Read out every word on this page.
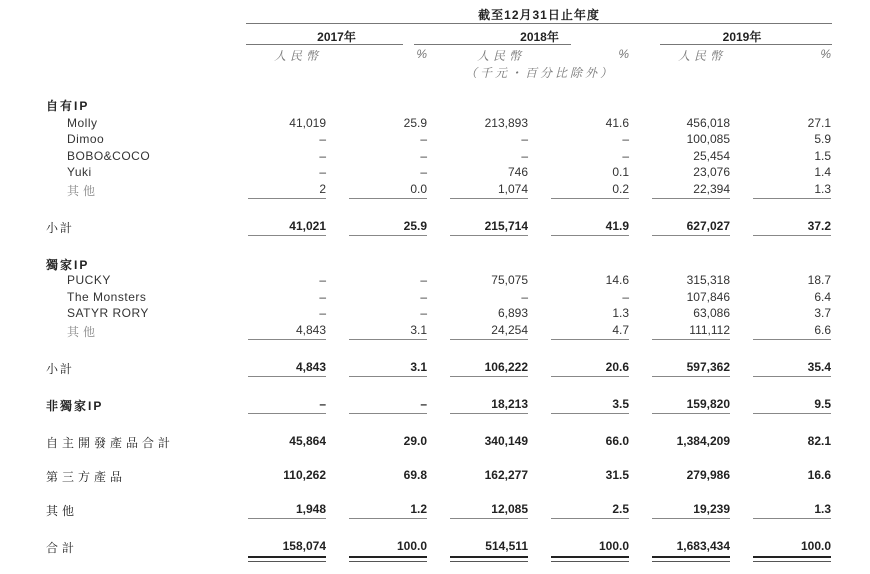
截至12月31日止年度
2017年	2018年	2019年
人民幣	%	人民幣	%	人民幣	%
（千元・百分比除外）
自有IP
Molly	41,019	25.9	213,893	41.6	456,018	27.1
Dimoo	–	–	–	–	100,085	5.9
BOBO&COCO	–	–	–	–	25,454	1.5
Yuki	–	–	746	0.1	23,076	1.4
其他	2	0.0	1,074	0.2	22,394	1.3
小計	41,021	25.9	215,714	41.9	627,027	37.2
獨家IP
PUCKY	–	–	75,075	14.6	315,318	18.7
The Monsters	–	–	–	–	107,846	6.4
SATYR RORY	–	–	6,893	1.3	63,086	3.7
其他	4,843	3.1	24,254	4.7	111,112	6.6
小計	4,843	3.1	106,222	20.6	597,362	35.4
非獨家IP	–	–	18,213	3.5	159,820	9.5
自主開發產品合計	45,864	29.0	340,149	66.0	1,384,209	82.1
第三方產品	110,262	69.8	162,277	31.5	279,986	16.6
其他	1,948	1.2	12,085	2.5	19,239	1.3
合計	158,074	100.0	514,511	100.0	1,683,434	100.0
